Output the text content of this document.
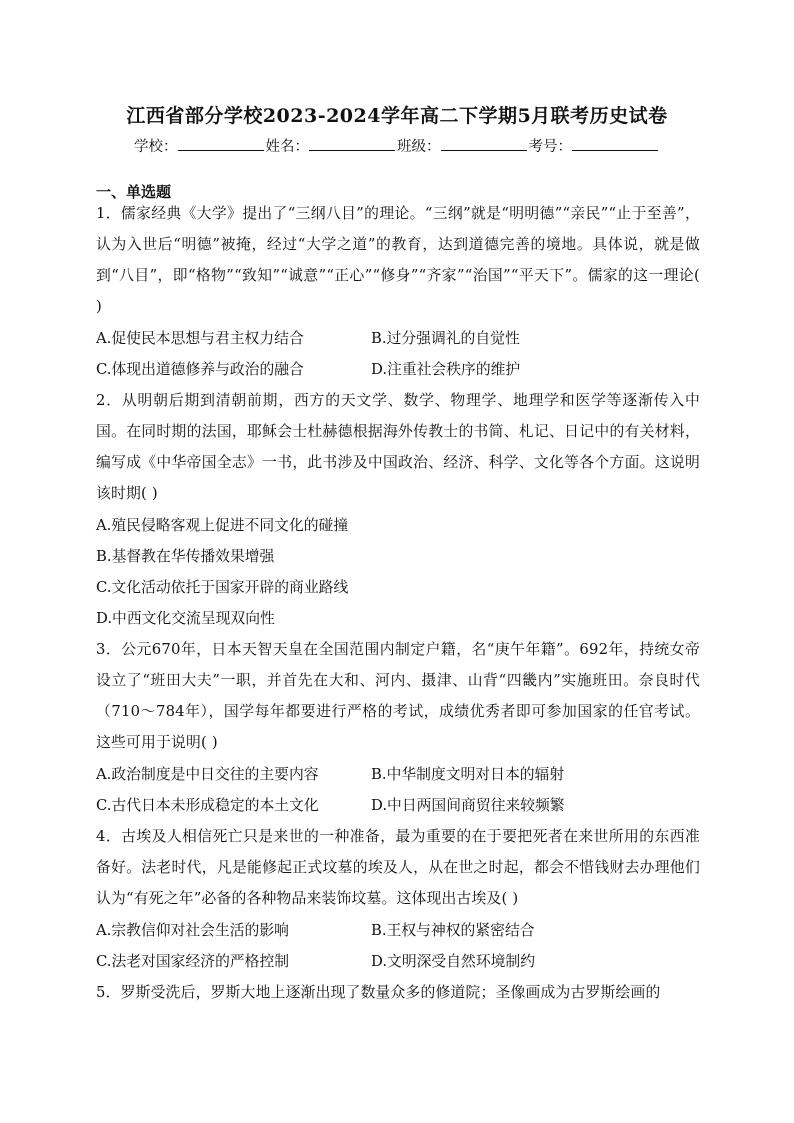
江西省部分学校2023-2024学年高二下学期5月联考历史试卷
学校：	姓名：	班级：	考号：
一、单选题

1．儒家经典《大学》提出了“三纲八目”的理论。“三纲”就是“明明德”“亲民”“止于至善”，认为入世后“明德”被掩，经过“大学之道”的教育，达到道德完善的境地。具体说，就是做到“八目”，即“格物”“致知”“诚意”“正心”“修身”“齐家”“治国”“平天下”。儒家的这一理论( )

A.促使民本思想与君主权力结合	B.过分强调礼的自觉性

C.体现出道德修养与政治的融合	D.注重社会秩序的维护

2．从明朝后期到清朝前期，西方的天文学、数学、物理学、地理学和医学等逐渐传入中国。在同时期的法国，耶稣会士杜赫德根据海外传教士的书简、札记、日记中的有关材料，编写成《中华帝国全志》一书，此书涉及中国政治、经济、科学、文化等各个方面。这说明该时期( )

A.殖民侵略客观上促进不同文化的碰撞

B.基督教在华传播效果增强

C.文化活动依托于国家开辟的商业路线

D.中西文化交流呈现双向性

3．公元670年，日本天智天皇在全国范围内制定户籍，名“庚午年籍”。692年，持统女帝设立了“班田大夫”一职，并首先在大和、河内、摄津、山背“四畿内”实施班田。奈良时代（710～784年），国学每年都要进行严格的考试，成绩优秀者即可参加国家的任官考试。这些可用于说明( )

A.政治制度是中日交往的主要内容	B.中华制度文明对日本的辐射

C.古代日本未形成稳定的本土文化	D.中日两国间商贸往来较频繁

4．古埃及人相信死亡只是来世的一种准备，最为重要的在于要把死者在来世所用的东西准备好。法老时代，凡是能修起正式坟墓的埃及人，从在世之时起，都会不惜钱财去办理他们认为“有死之年”必备的各种物品来装饰坟墓。这体现出古埃及( )

A.宗教信仰对社会生活的影响	B.王权与神权的紧密结合

C.法老对国家经济的严格控制	D.文明深受自然环境制约

5．罗斯受洗后，罗斯大地上逐渐出现了数量众多的修道院；圣像画成为古罗斯绘画的
